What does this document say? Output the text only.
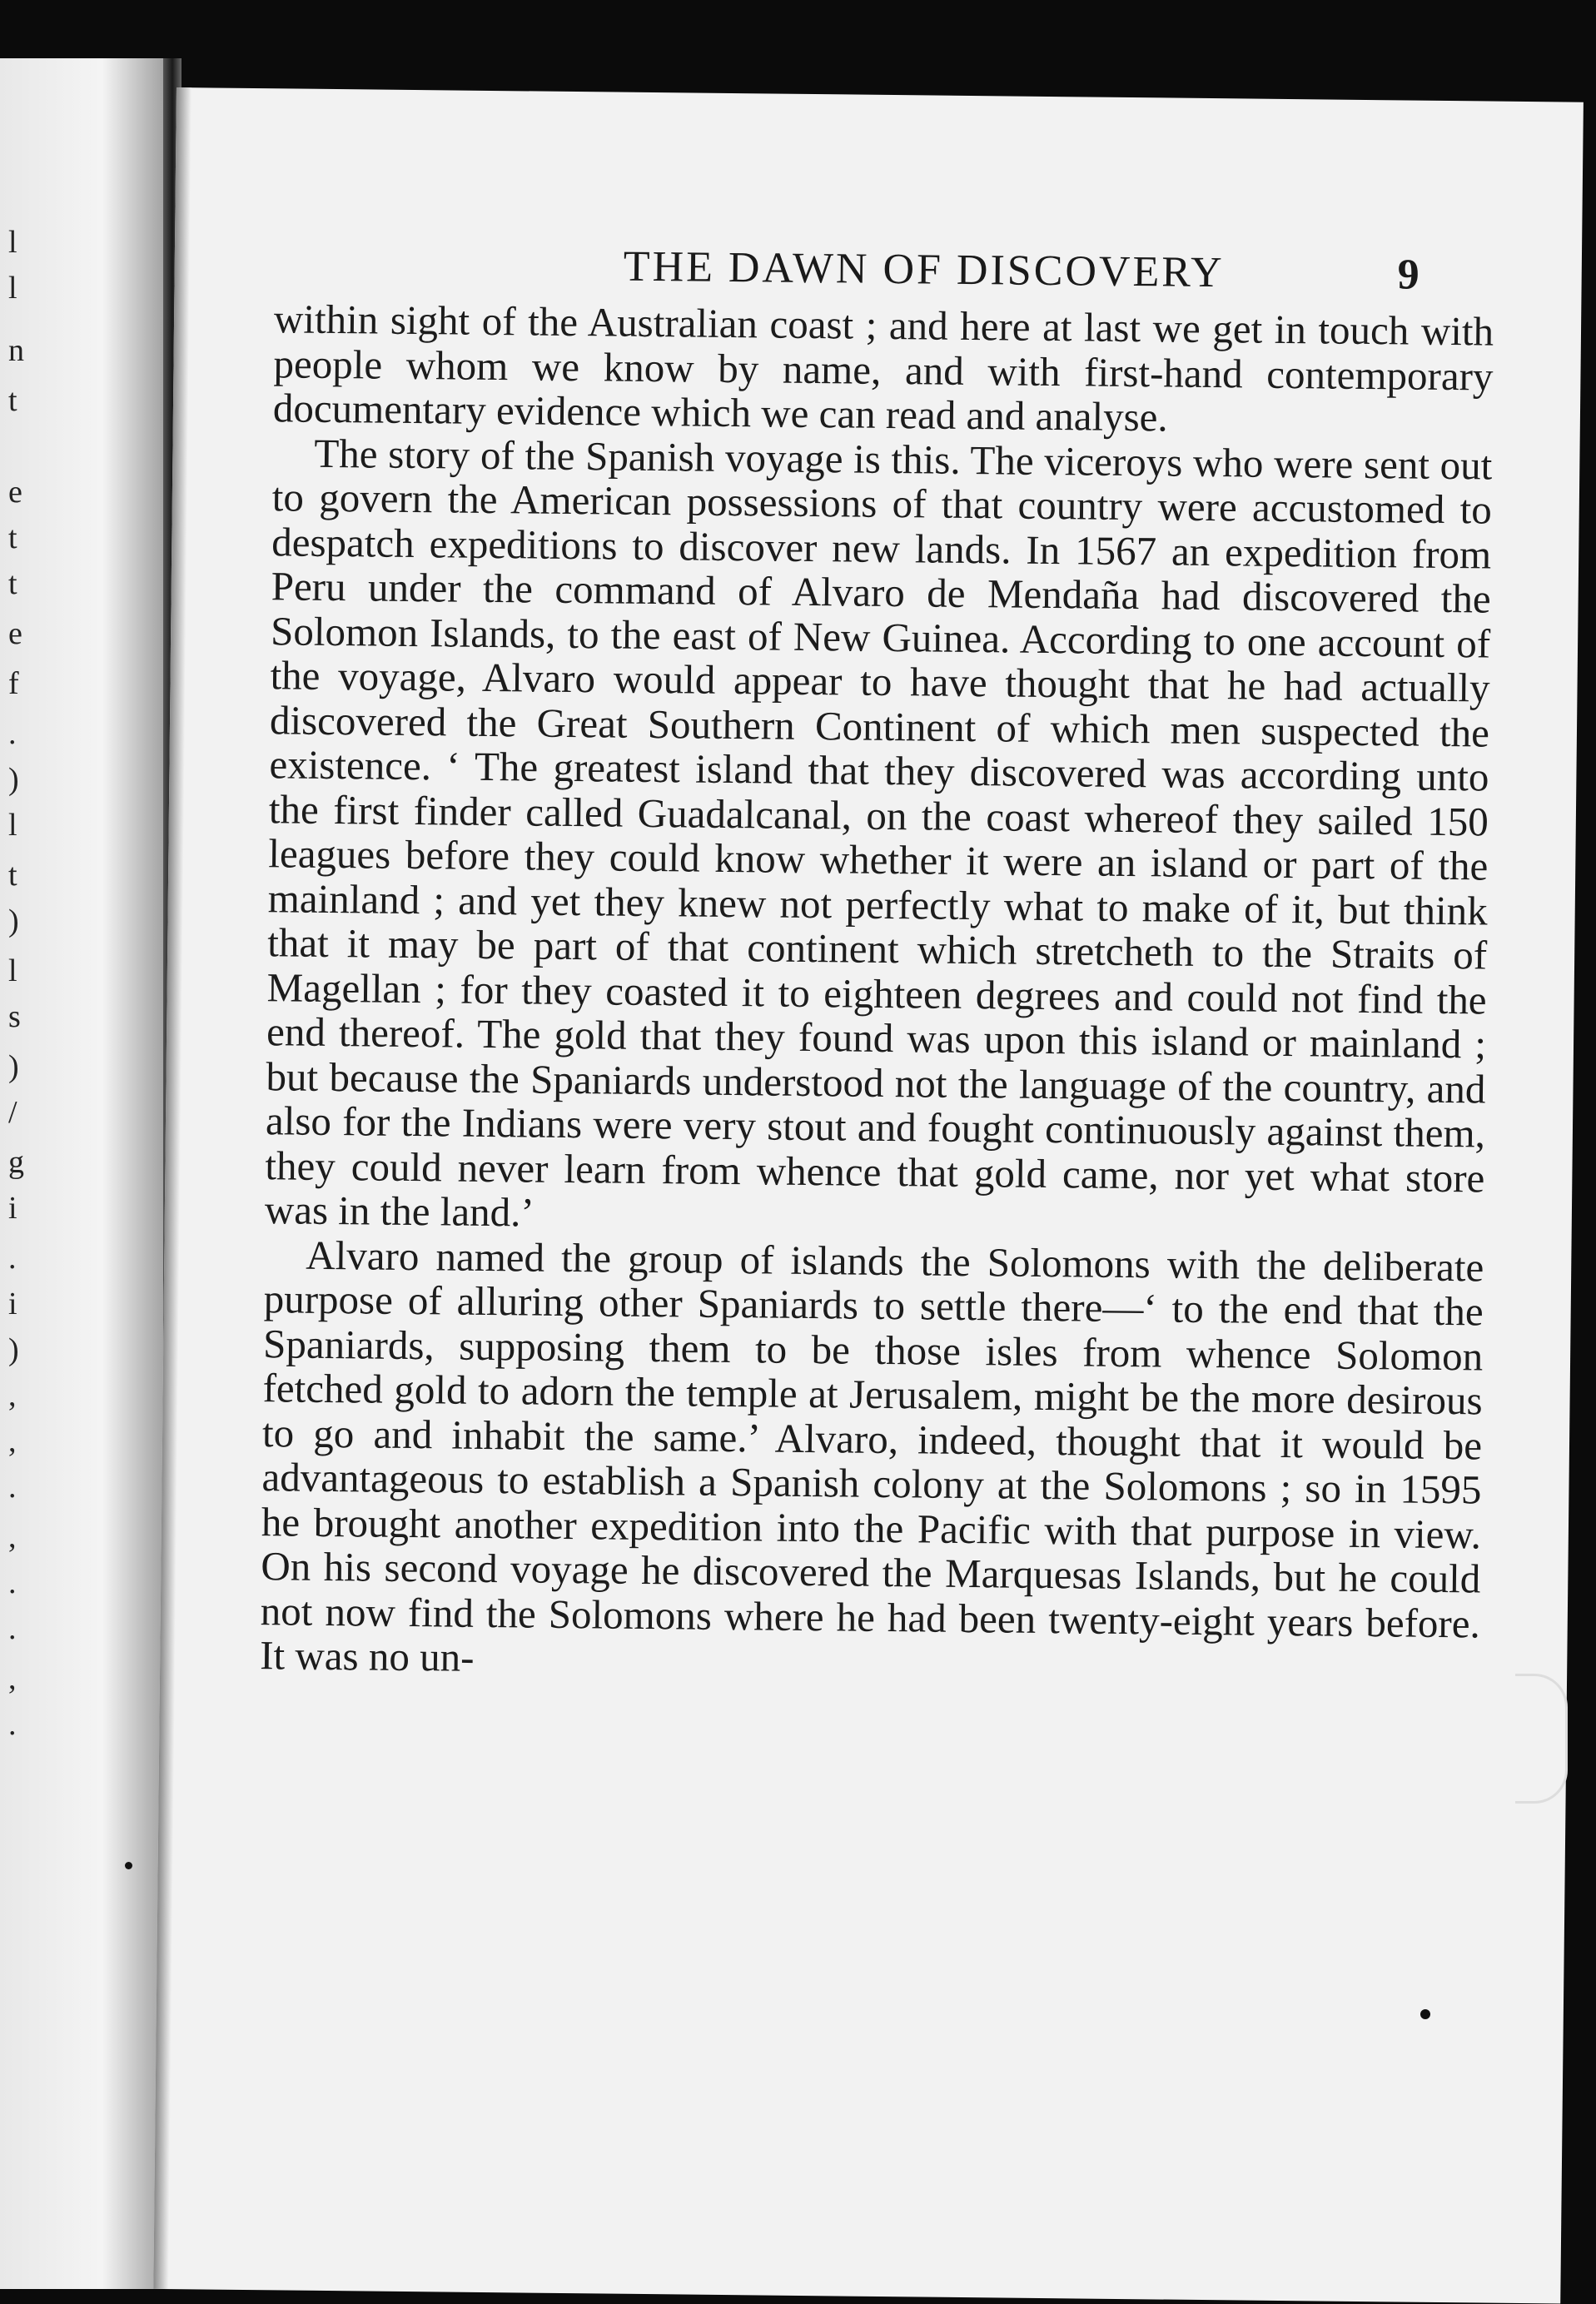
l
l
n
t
e
t
t
e
f
.
)
l
t
)
l
s
)
/
g
i
.
i
)
,
,
.
,
.
.
,
.
THE DAWN OF DISCOVERY	9

within sight of the Australian coast ; and here at last we get in touch with people whom we know by name, and with first-hand contemporary documentary evidence which we can read and analyse.

The story of the Spanish voyage is this. The viceroys who were sent out to govern the American possessions of that country were accustomed to despatch expeditions to discover new lands. In 1567 an expedition from Peru under the command of Alvaro de Mendaña had discovered the Solomon Islands, to the east of New Guinea. According to one account of the voyage, Alvaro would appear to have thought that he had actually discovered the Great Southern Continent of which men suspected the existence. ‘ The greatest island that they discovered was according unto the first finder called Guadalcanal, on the coast whereof they sailed 150 leagues before they could know whether it were an island or part of the mainland ; and yet they knew not perfectly what to make of it, but think that it may be part of that continent which stretcheth to the Straits of Magellan ; for they coasted it to eighteen degrees and could not find the end thereof. The gold that they found was upon this island or mainland ; but because the Spaniards understood not the language of the country, and also for the Indians were very stout and fought continuously against them, they could never learn from whence that gold came, nor yet what store was in the land.’

Alvaro named the group of islands the Solomons with the deliberate purpose of alluring other Spaniards to settle there—‘ to the end that the Spaniards, supposing them to be those isles from whence Solomon fetched gold to adorn the temple at Jerusalem, might be the more desirous to go and inhabit the same.’ Alvaro, indeed, thought that it would be advantageous to establish a Spanish colony at the Solomons ; so in 1595 he brought another expedition into the Pacific with that purpose in view. On his second voyage he discovered the Marquesas Islands, but he could not now find the Solomons where he had been twenty-eight years before. It was no un-
